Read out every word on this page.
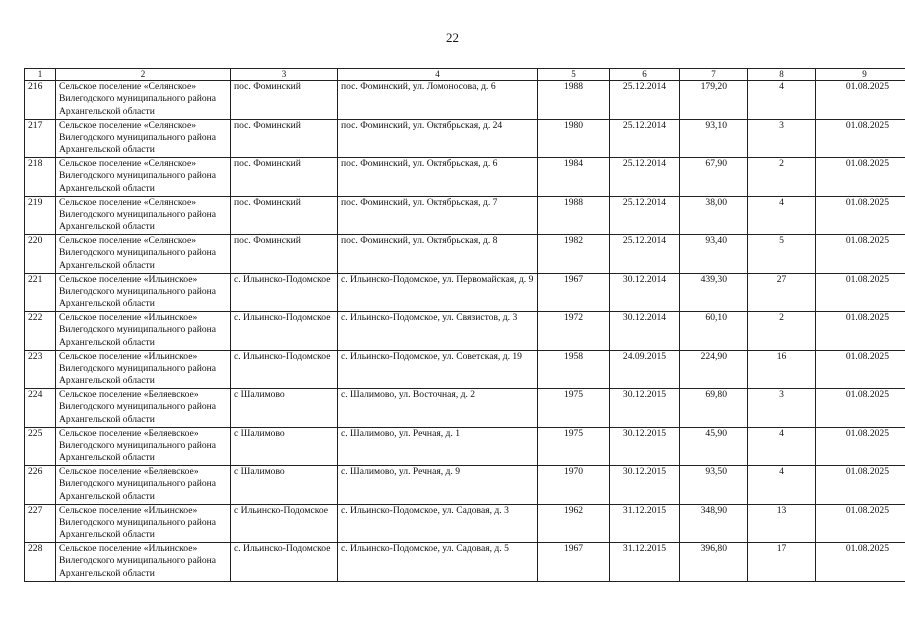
22
1	2	3	4	5	6	7	8	9
216	Сельское поселение «Селянское» Вилегодского муниципального района Архангельской области	пос. Фоминский	пос. Фоминский, ул. Ломоносова, д. 6	1988	25.12.2014	179,20	4	01.08.2025
217	Сельское поселение «Селянское» Вилегодского муниципального района Архангельской области	пос. Фоминский	пос. Фоминский, ул. Октябрьская, д. 24	1980	25.12.2014	93,10	3	01.08.2025
218	Сельское поселение «Селянское» Вилегодского муниципального района Архангельской области	пос. Фоминский	пос. Фоминский, ул. Октябрьская, д. 6	1984	25.12.2014	67,90	2	01.08.2025
219	Сельское поселение «Селянское» Вилегодского муниципального района Архангельской области	пос. Фоминский	пос. Фоминский, ул. Октябрьская, д. 7	1988	25.12.2014	38,00	4	01.08.2025
220	Сельское поселение «Селянское» Вилегодского муниципального района Архангельской области	пос. Фоминский	пос. Фоминский, ул. Октябрьская, д. 8	1982	25.12.2014	93,40	5	01.08.2025
221	Сельское поселение «Ильинское» Вилегодского муниципального района Архангельской области	с. Ильинско-Подомское	с. Ильинско-Подомское, ул. Первомайская, д. 9	1967	30.12.2014	439,30	27	01.08.2025
222	Сельское поселение «Ильинское» Вилегодского муниципального района Архангельской области	с. Ильинско-Подомское	с. Ильинско-Подомское, ул. Связистов, д. 3	1972	30.12.2014	60,10	2	01.08.2025
223	Сельское поселение «Ильинское» Вилегодского муниципального района Архангельской области	с. Ильинско-Подомское	с. Ильинско-Подомское, ул. Советская, д. 19	1958	24.09.2015	224,90	16	01.08.2025
224	Сельское поселение «Беляевское» Вилегодского муниципального района Архангельской области	с Шалимово	с. Шалимово, ул. Восточная, д. 2	1975	30.12.2015	69,80	3	01.08.2025
225	Сельское поселение «Беляевское» Вилегодского муниципального района Архангельской области	с Шалимово	с. Шалимово, ул. Речная, д. 1	1975	30.12.2015	45,90	4	01.08.2025
226	Сельское поселение «Беляевское» Вилегодского муниципального района Архангельской области	с Шалимово	с. Шалимово, ул. Речная, д. 9	1970	30.12.2015	93,50	4	01.08.2025
227	Сельское поселение «Ильинское» Вилегодского муниципального района Архангельской области	с Ильинско-Подомское	с. Ильинско-Подомское, ул. Садовая, д. 3	1962	31.12.2015	348,90	13	01.08.2025
228	Сельское поселение «Ильинское» Вилегодского муниципального района Архангельской области	с. Ильинско-Подомское	с. Ильинско-Подомское, ул. Садовая, д. 5	1967	31.12.2015	396,80	17	01.08.2025
